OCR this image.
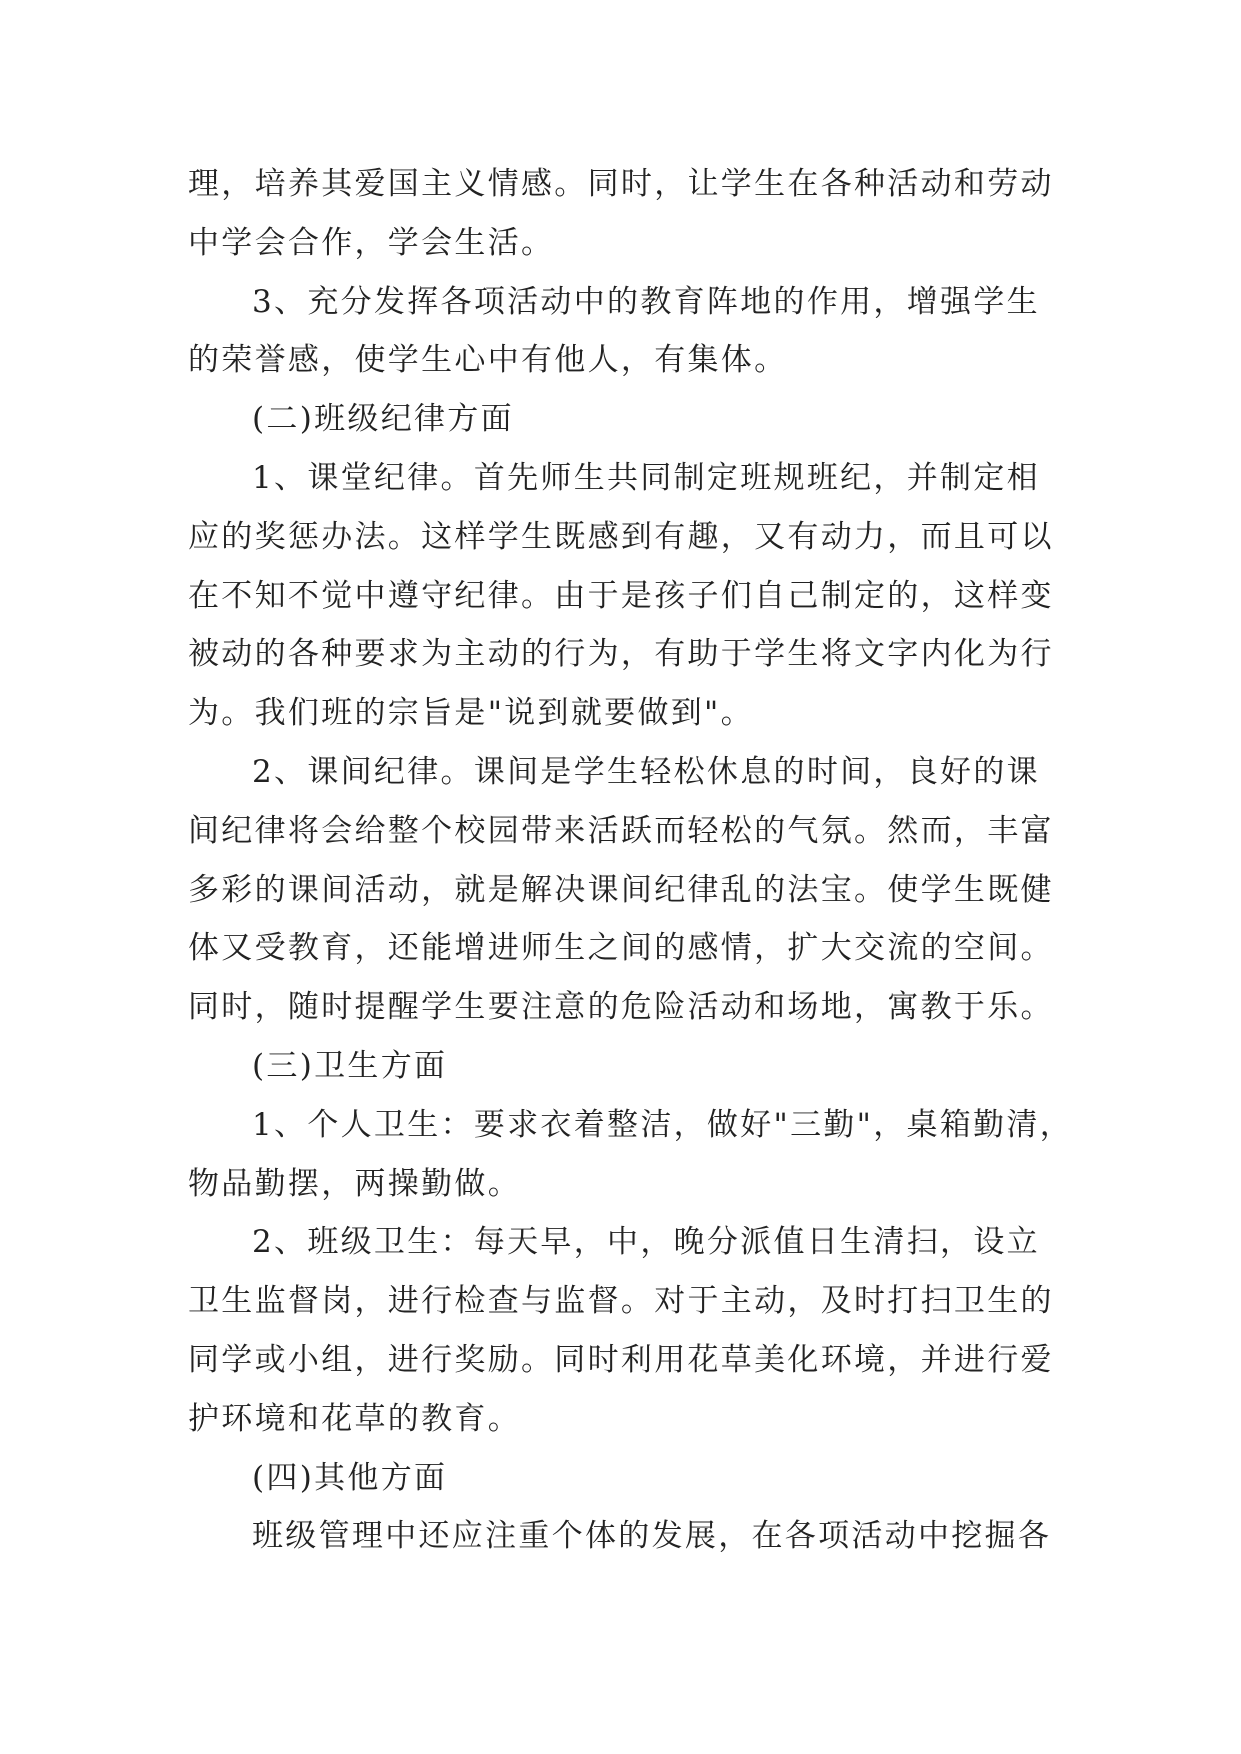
理，培养其爱国主义情感。同时，让学生在各种活动和劳动
中学会合作，学会生活。
3、充分发挥各项活动中的教育阵地的作用，增强学生
的荣誉感，使学生心中有他人，有集体。
(二)班级纪律方面
1、课堂纪律。首先师生共同制定班规班纪，并制定相
应的奖惩办法。这样学生既感到有趣，又有动力，而且可以
在不知不觉中遵守纪律。由于是孩子们自己制定的，这样变
被动的各种要求为主动的行为，有助于学生将文字内化为行
为。我们班的宗旨是"说到就要做到"。
2、课间纪律。课间是学生轻松休息的时间，良好的课
间纪律将会给整个校园带来活跃而轻松的气氛。然而，丰富
多彩的课间活动，就是解决课间纪律乱的法宝。使学生既健
体又受教育，还能增进师生之间的感情，扩大交流的空间。
同时，随时提醒学生要注意的危险活动和场地，寓教于乐。
(三)卫生方面
1、个人卫生：要求衣着整洁，做好"三勤"，桌箱勤清，
物品勤摆，两操勤做。
2、班级卫生：每天早，中，晚分派值日生清扫，设立
卫生监督岗，进行检查与监督。对于主动，及时打扫卫生的
同学或小组，进行奖励。同时利用花草美化环境，并进行爱
护环境和花草的教育。
(四)其他方面
班级管理中还应注重个体的发展，在各项活动中挖掘各
